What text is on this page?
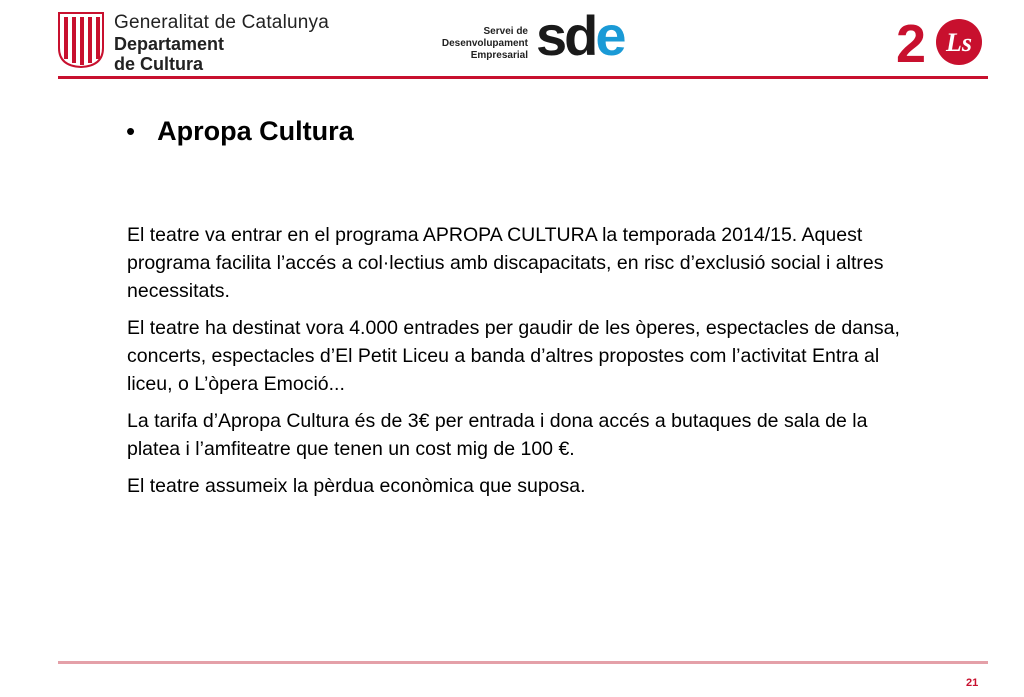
Generalitat de Catalunya
Departament
de Cultura
Servei de
Desenvolupament
Empresarial sde	2 Ls
• Apropa Cultura

El teatre va entrar en el programa APROPA CULTURA la temporada 2014/15. Aquest programa facilita l’accés a col·lectius amb discapacitats, en risc d’exclusió social i altres necessitats.

El teatre ha destinat vora 4.000 entrades per gaudir de les òperes, espectacles de dansa, concerts, espectacles d’El Petit Liceu a banda d’altres propostes com l’activitat Entra al liceu, o L’òpera Emoció...

La tarifa d’Apropa Cultura és de 3€ per entrada i dona accés a butaques de sala de la platea i l’amfiteatre que tenen un cost mig de 100 €.

El teatre assumeix la pèrdua econòmica que suposa.

21
